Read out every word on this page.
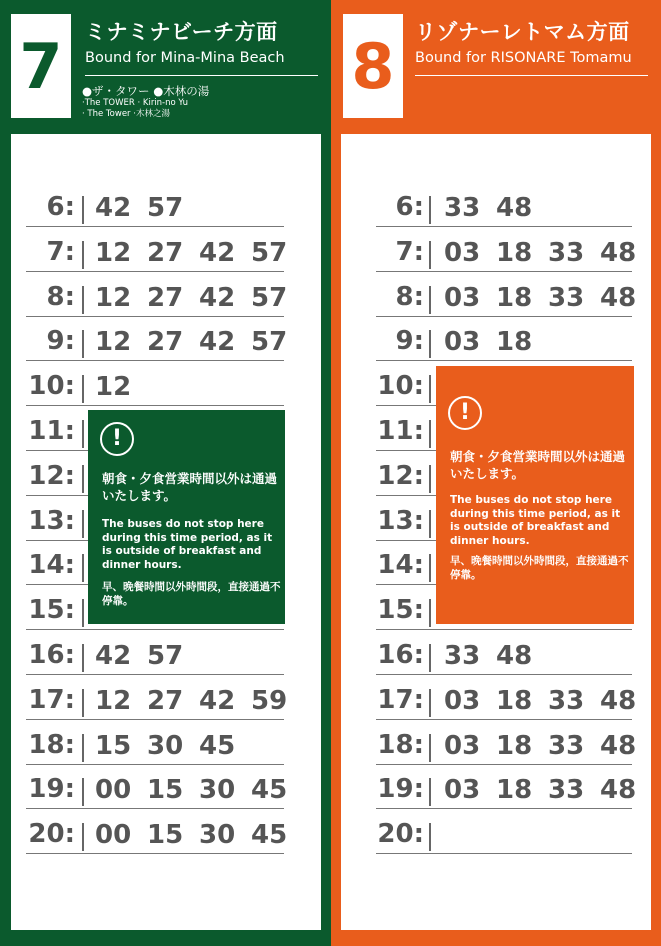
7	ミナミナビーチ方面
Bound for Mina-Mina Beach
●ザ・タワー ●木林の湯
·The TOWER · Kirin-no Yu
· The Tower ·木林之湯
6: 42 57
7: 12 27 42 57
8: 12 27 42 57
9: 12 27 42 57
10: 12
11:
12:
13:
14:
15:
16: 42 57
17: 12 27 42 59
18: 15 30 45
19: 00 15 30 45
20: 00 15 30 45
!
朝食・夕食営業時間以外は通過いたします。
The buses do not stop here during this time period, as it is outside of breakfast and dinner hours.
早、晚餐時間以外時間段，直接通過不停靠。
8 リゾナーレトマム方面
Bound for RISONARE Tomamu
6: 33 48
7: 03 18 33 48
8: 03 18 33 48
9: 03 18
10:
11:
12:
13:
14:
15:
16: 33 48
17: 03 18 33 48
18: 03 18 33 48
19: 03 18 33 48
20:
!
朝食・夕食営業時間以外は通過いたします。
The buses do not stop here during this time period, as it is outside of breakfast and dinner hours.
早、晚餐時間以外時間段，直接通過不停靠。
